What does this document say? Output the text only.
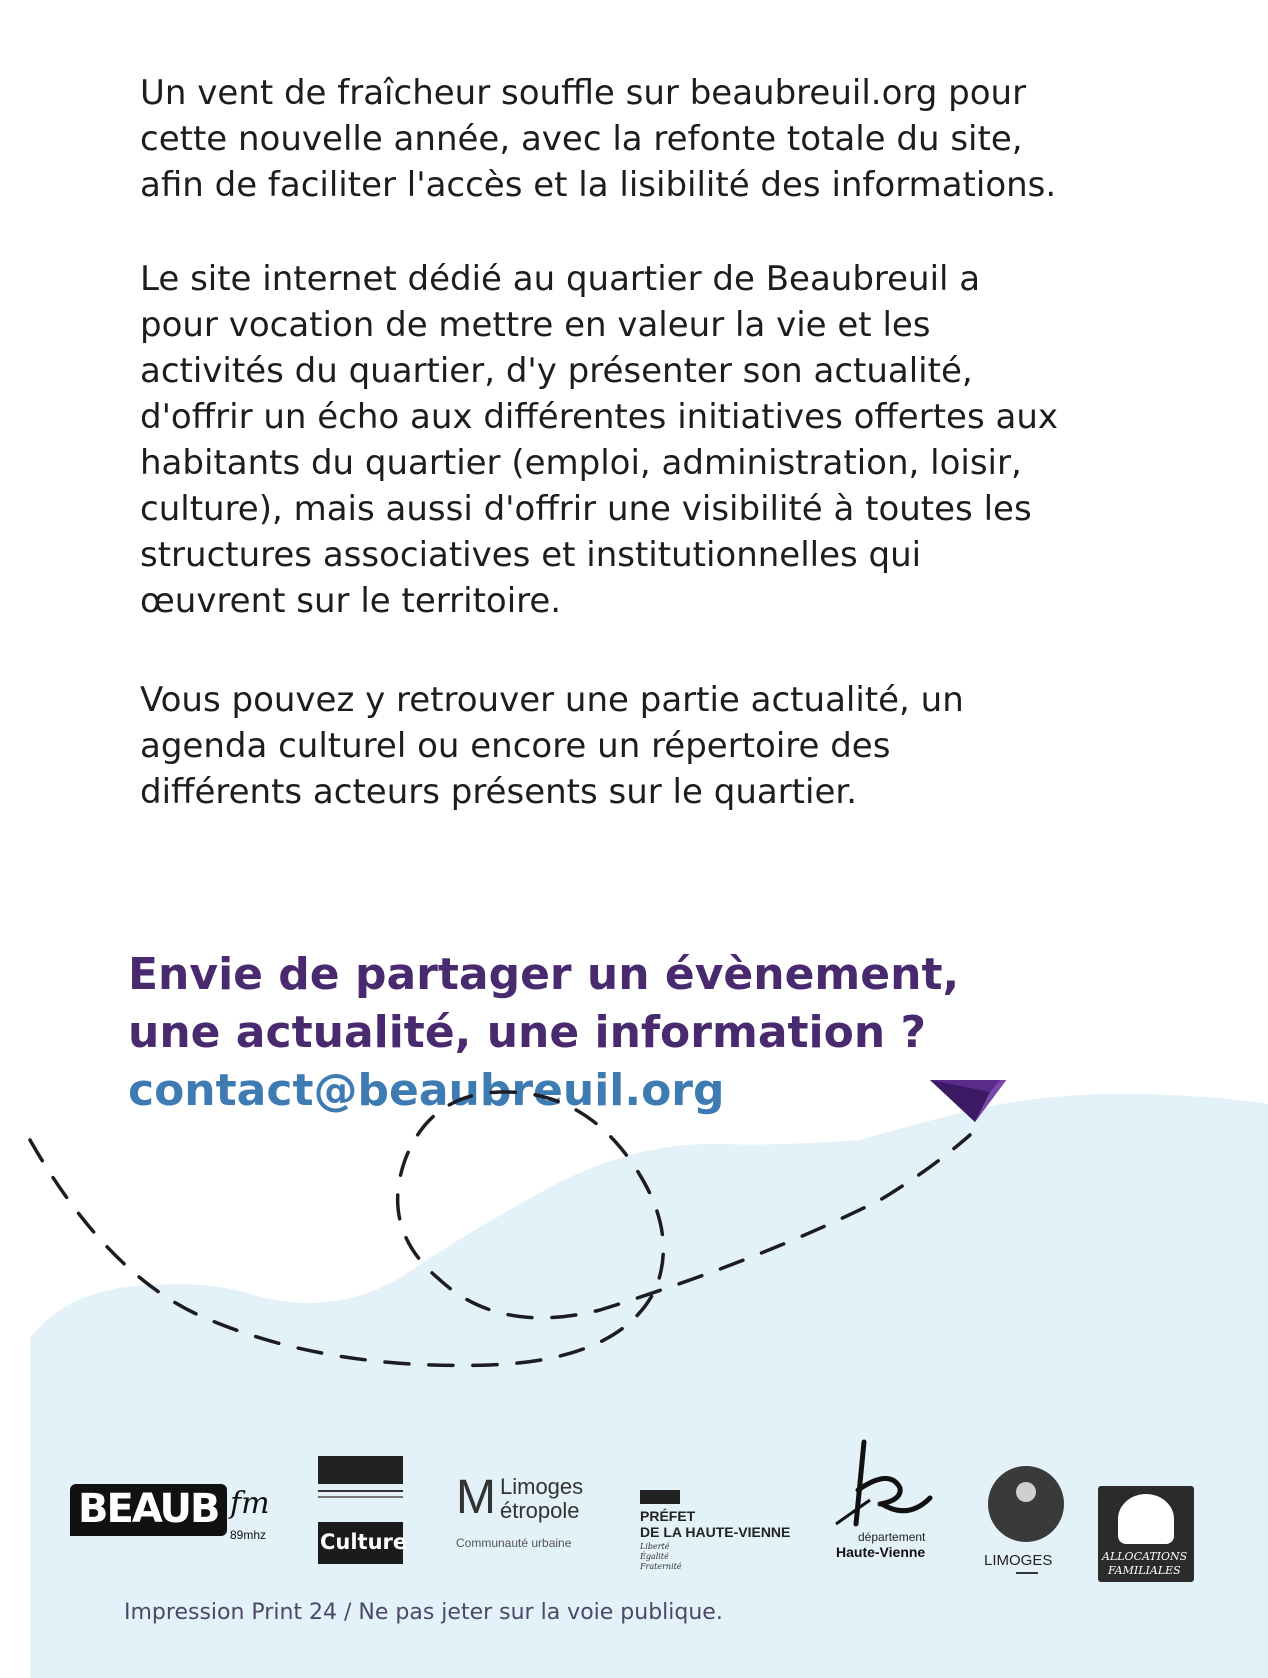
Un vent de fraîcheur souffle sur beaubreuil.org pour
cette nouvelle année, avec la refonte totale du site,
afin de faciliter l'accès et la lisibilité des informations.

Le site internet dédié au quartier de Beaubreuil a
pour vocation de mettre en valeur la vie et les
activités du quartier, d'y présenter son actualité,
d'offrir un écho aux différentes initiatives offertes aux
habitants du quartier (emploi, administration, loisir,
culture), mais aussi d'offrir une visibilité à toutes les
structures associatives et institutionnelles qui
œuvrent sur le territoire.

Vous pouvez y retrouver une partie actualité, un
agenda culturel ou encore un répertoire des
différents acteurs présents sur le quartier.

Envie de partager un évènement,

une actualité, une information ?

contact@beaubreuil.org

BEAUB fm
89mhz	Culture
M Limoges
étropole
Communauté urbaine
PRÉFET
DE LA HAUTE-VIENNE
Liberté
Égalité
Fraternité
département
Haute-Vienne	LIMOGES	ALLOCATIONS
FAMILIALES

Impression Print 24 / Ne pas jeter sur la voie publique.
